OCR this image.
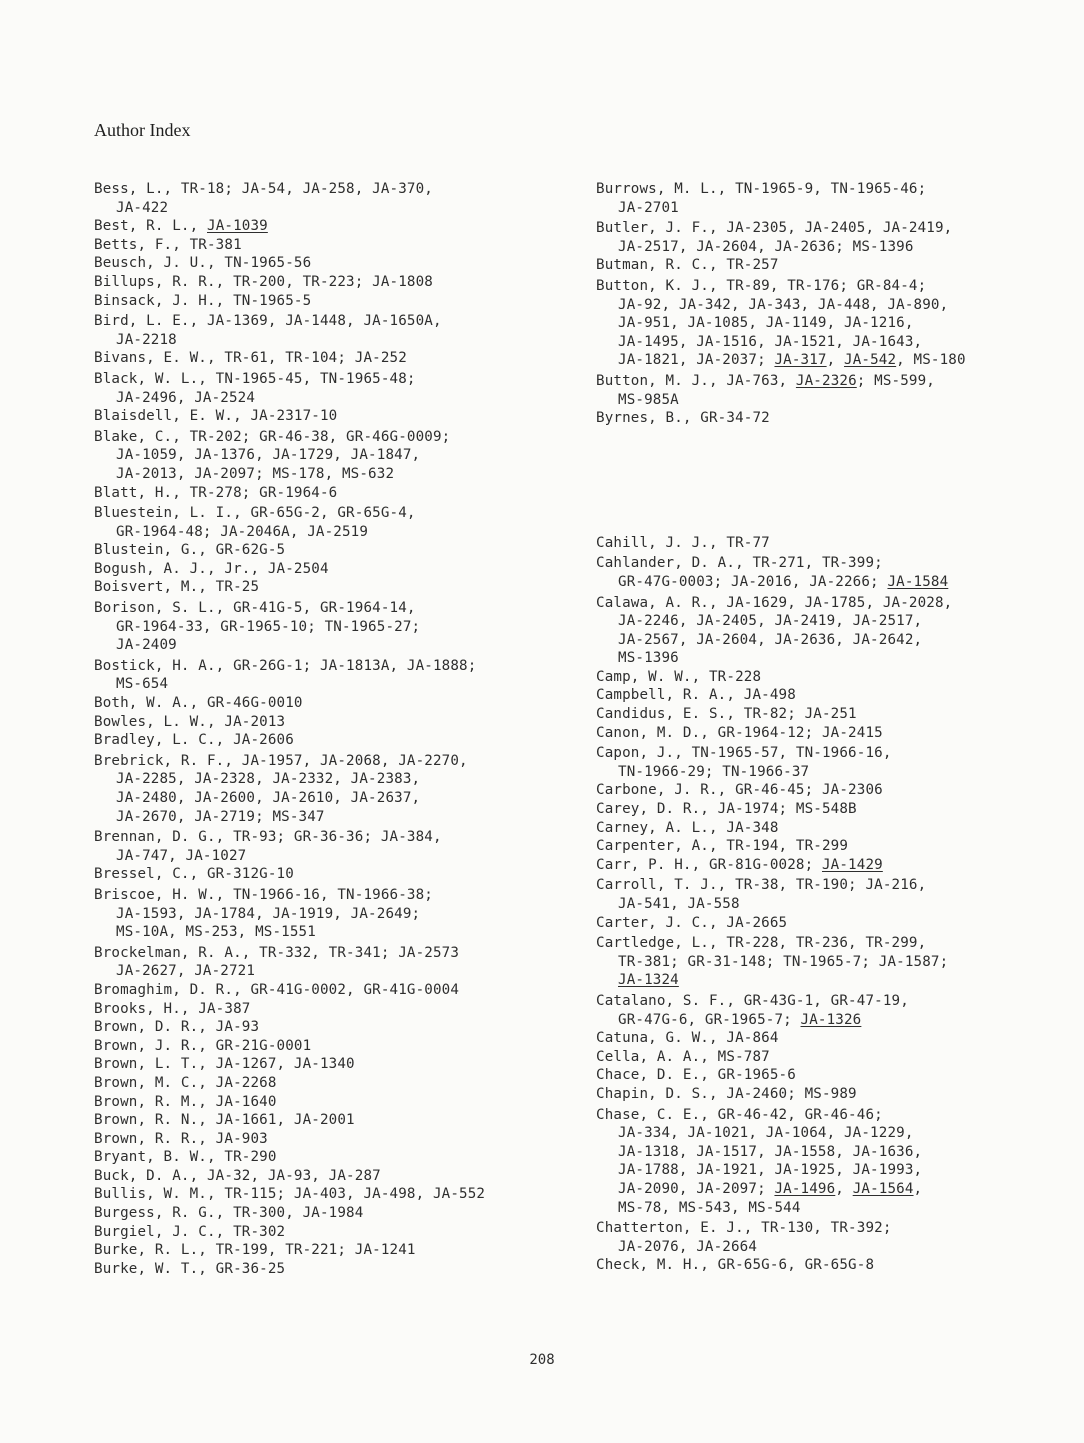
Author Index
Bess, L., TR-18; JA-54, JA-258, JA-370,
JA-422
Best, R. L., JA-1039
Betts, F., TR-381
Beusch, J. U., TN-1965-56
Billups, R. R., TR-200, TR-223; JA-1808
Binsack, J. H., TN-1965-5
Bird, L. E., JA-1369, JA-1448, JA-1650A,
JA-2218
Bivans, E. W., TR-61, TR-104; JA-252
Black, W. L., TN-1965-45, TN-1965-48;
JA-2496, JA-2524
Blaisdell, E. W., JA-2317-10
Blake, C., TR-202; GR-46-38, GR-46G-0009;
JA-1059, JA-1376, JA-1729, JA-1847,
JA-2013, JA-2097; MS-178, MS-632
Blatt, H., TR-278; GR-1964-6
Bluestein, L. I., GR-65G-2, GR-65G-4,
GR-1964-48; JA-2046A, JA-2519
Blustein, G., GR-62G-5
Bogush, A. J., Jr., JA-2504
Boisvert, M., TR-25
Borison, S. L., GR-41G-5, GR-1964-14,
GR-1964-33, GR-1965-10; TN-1965-27;
JA-2409
Bostick, H. A., GR-26G-1; JA-1813A, JA-1888;
MS-654
Both, W. A., GR-46G-0010
Bowles, L. W., JA-2013
Bradley, L. C., JA-2606
Brebrick, R. F., JA-1957, JA-2068, JA-2270,
JA-2285, JA-2328, JA-2332, JA-2383,
JA-2480, JA-2600, JA-2610, JA-2637,
JA-2670, JA-2719; MS-347
Brennan, D. G., TR-93; GR-36-36; JA-384,
JA-747, JA-1027
Bressel, C., GR-312G-10
Briscoe, H. W., TN-1966-16, TN-1966-38;
JA-1593, JA-1784, JA-1919, JA-2649;
MS-10A, MS-253, MS-1551
Brockelman, R. A., TR-332, TR-341; JA-2573
JA-2627, JA-2721
Bromaghim, D. R., GR-41G-0002, GR-41G-0004
Brooks, H., JA-387
Brown, D. R., JA-93
Brown, J. R., GR-21G-0001
Brown, L. T., JA-1267, JA-1340
Brown, M. C., JA-2268
Brown, R. M., JA-1640
Brown, R. N., JA-1661, JA-2001
Brown, R. R., JA-903
Bryant, B. W., TR-290
Buck, D. A., JA-32, JA-93, JA-287
Bullis, W. M., TR-115; JA-403, JA-498, JA-552
Burgess, R. G., TR-300, JA-1984
Burgiel, J. C., TR-302
Burke, R. L., TR-199, TR-221; JA-1241
Burke, W. T., GR-36-25
Burrows, M. L., TN-1965-9, TN-1965-46;
JA-2701
Butler, J. F., JA-2305, JA-2405, JA-2419,
JA-2517, JA-2604, JA-2636; MS-1396
Butman, R. C., TR-257
Button, K. J., TR-89, TR-176; GR-84-4;
JA-92, JA-342, JA-343, JA-448, JA-890,
JA-951, JA-1085, JA-1149, JA-1216,
JA-1495, JA-1516, JA-1521, JA-1643,
JA-1821, JA-2037; JA-317, JA-542, MS-180
Button, M. J., JA-763, JA-2326; MS-599,
MS-985A
Byrnes, B., GR-34-72
Cahill, J. J., TR-77
Cahlander, D. A., TR-271, TR-399;
GR-47G-0003; JA-2016, JA-2266; JA-1584
Calawa, A. R., JA-1629, JA-1785, JA-2028,
JA-2246, JA-2405, JA-2419, JA-2517,
JA-2567, JA-2604, JA-2636, JA-2642,
MS-1396
Camp, W. W., TR-228
Campbell, R. A., JA-498
Candidus, E. S., TR-82; JA-251
Canon, M. D., GR-1964-12; JA-2415
Capon, J., TN-1965-57, TN-1966-16,
TN-1966-29; TN-1966-37
Carbone, J. R., GR-46-45; JA-2306
Carey, D. R., JA-1974; MS-548B
Carney, A. L., JA-348
Carpenter, A., TR-194, TR-299
Carr, P. H., GR-81G-0028; JA-1429
Carroll, T. J., TR-38, TR-190; JA-216,
JA-541, JA-558
Carter, J. C., JA-2665
Cartledge, L., TR-228, TR-236, TR-299,
TR-381; GR-31-148; TN-1965-7; JA-1587;
JA-1324
Catalano, S. F., GR-43G-1, GR-47-19,
GR-47G-6, GR-1965-7; JA-1326
Catuna, G. W., JA-864
Cella, A. A., MS-787
Chace, D. E., GR-1965-6
Chapin, D. S., JA-2460; MS-989
Chase, C. E., GR-46-42, GR-46-46;
JA-334, JA-1021, JA-1064, JA-1229,
JA-1318, JA-1517, JA-1558, JA-1636,
JA-1788, JA-1921, JA-1925, JA-1993,
JA-2090, JA-2097; JA-1496, JA-1564,
MS-78, MS-543, MS-544
Chatterton, E. J., TR-130, TR-392;
JA-2076, JA-2664
Check, M. H., GR-65G-6, GR-65G-8
208
